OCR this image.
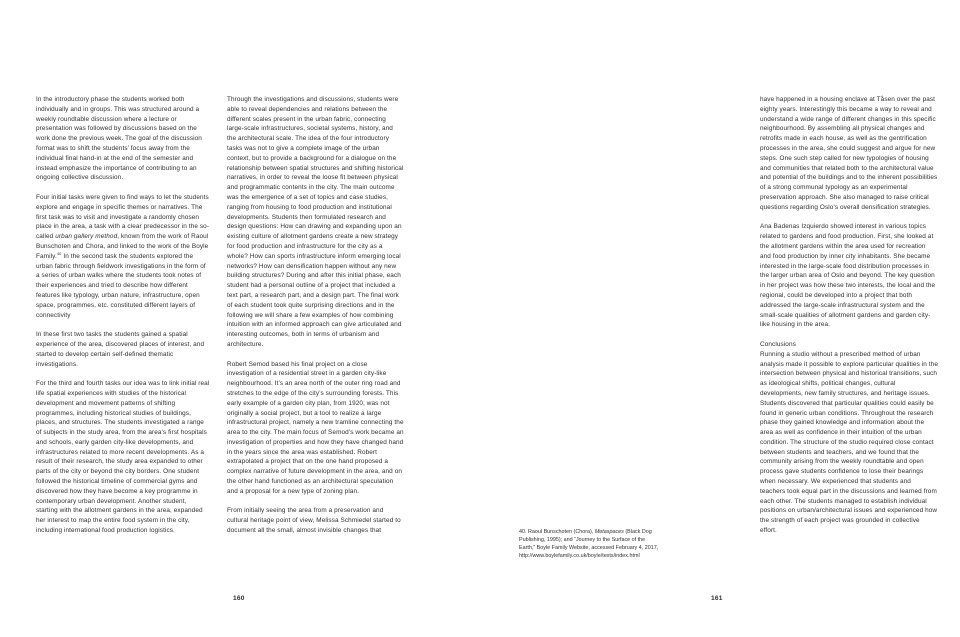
In the introductory phase the students worked both individually and in groups. This was structured around a weekly roundtable discussion where a lecture or presentation was followed by discussions based on the work done the previous week. The goal of the discussion format was to shift the students’ focus away from the individual final hand-in at the end of the semester and instead emphasize the importance of contributing to an ongoing collective discussion.

Four initial tasks were given to find ways to let the students explore and engage in specific themes or narratives. The first task was to visit and investigate a randomly chosen place in the area, a task with a clear predecessor in the so-called urban gallery method, known from the work of Raoul Bunschoten and Chora, and linked to the work of the Boyle Family.$^{40}$ In the second task the students explored the urban fabric through fieldwork investigations in the form of a series of urban walks where the students took notes of their experiences and tried to describe how different features like typology, urban nature, infrastructure, open space, programmes, etc. constituted different layers of connectivity

In these first two tasks the students gained a spatial experience of the area, discovered places of interest, and started to develop certain self-defined thematic investigations.

For the third and fourth tasks our idea was to link initial real life spatial experiences with studies of the historical development and movement patterns of shifting programmes, including historical studies of buildings, places, and structures. The students investigated a range of subjects in the study area, from the area’s first hospitals and schools, early garden city-like developments, and infrastructures related to more recent developments. As a result of their research, the study area expanded to other parts of the city or beyond the city borders. One student followed the historical timeline of commercial gyms and discovered how they have become a key programme in contemporary urban development. Another student, starting with the allotment gardens in the area, expanded her interest to map the entire food system in the city, including international food production logistics.

Through the investigations and discussions, students were able to reveal dependencies and relations between the different scales present in the urban fabric, connecting large-scale infrastructures, societal systems, history, and the architectural scale. The idea of the four introductory tasks was not to give a complete image of the urban context, but to provide a background for a dialogue on the relationship between spatial structures and shifting historical narratives, in order to reveal the loose fit between physical and programmatic contents in the city. The main outcome was the emergence of a set of topics and case studies, ranging from housing to food production and institutional developments. Students then formulated research and design questions: How can drawing and expanding upon an existing culture of allotment gardens create a new strategy for food production and infrastructure for the city as a whole? How can sports infrastructure inform emerging local networks? How can densification happen without any new building structures? During and after this initial phase, each student had a personal outline of a project that included a text part, a research part, and a design part. The final work of each student took quite surprising directions and in the following we will share a few examples of how combining intuition with an informed approach can give articulated and interesting outcomes, both in terms of urbanism and architecture.

Robert Semod based his final project on a close investigation of a residential street in a garden city-like neighbourhood. It’s an area north of the outer ring road and stretches to the edge of the city’s surrounding forests. This early example of a garden city plan, from 1920, was not originally a social project, but a tool to realize a large infrastructural project, namely a new tramline connecting the area to the city. The main focus of Semod’s work became an investigation of properties and how they have changed hand in the years since the area was established. Robert extrapolated a project that on the one hand proposed a complex narrative of future development in the area, and on the other hand functioned as an architectural speculation and a proposal for a new type of zoning plan.

From initially seeing the area from a preservation and cultural heritage point of view, Melissa Schmiedel started to document all the small, almost invisible changes that	40. Raoul Bunschoten (Chora), Metaspaces (Black Dog Publishing, 1995); and “Journey to the Surface of the Earth,” Boyle Family Website, accessed February 4, 2017, http://www.boylefamily.co.uk/boyle/texts/index.html

160

have happened in a housing enclave at Tåsen over the past eighty years. Interestingly this became a way to reveal and understand a wide range of different changes in this specific neighbourhood. By assembling all physical changes and retrofits made in each house, as well as the gentrification processes in the area, she could suggest and argue for new steps. One such step called for new typologies of housing and communities that related both to the architectural value and potential of the buildings and to the inherent possibilities of a strong communal typology as an experimental preservation approach. She also managed to raise critical questions regarding Oslo’s overall densification strategies.

Ana Badenas Izquierdo showed interest in various topics related to gardens and food production. First, she looked at the allotment gardens within the area used for recreation and food production by inner city inhabitants. She became interested in the large-scale food distribution processes in the larger urban area of Oslo and beyond. The key question in her project was how these two interests, the local and the regional, could be developed into a project that both addressed the large-scale infrastructural system and the small-scale qualities of allotment gardens and garden city-like housing in the area.

Conclusions

Running a studio without a prescribed method of urban analysis made it possible to explore particular qualities in the intersection between physical and historical transitions, such as ideological shifts, political changes, cultural developments, new family structures, and heritage issues. Students discovered that particular qualities could easily be found in generic urban conditions. Throughout the research phase they gained knowledge and information about the area as well as confidence in their intuition of the urban condition. The structure of the studio required close contact between students and teachers, and we found that the community arising from the weekly roundtable and open process gave students confidence to lose their bearings when necessary. We experienced that students and teachers took equal part in the discussions and learned from each other. The students managed to establish individual positions on urban/architectural issues and experienced how the strength of each project was grounded in collective effort.

161
